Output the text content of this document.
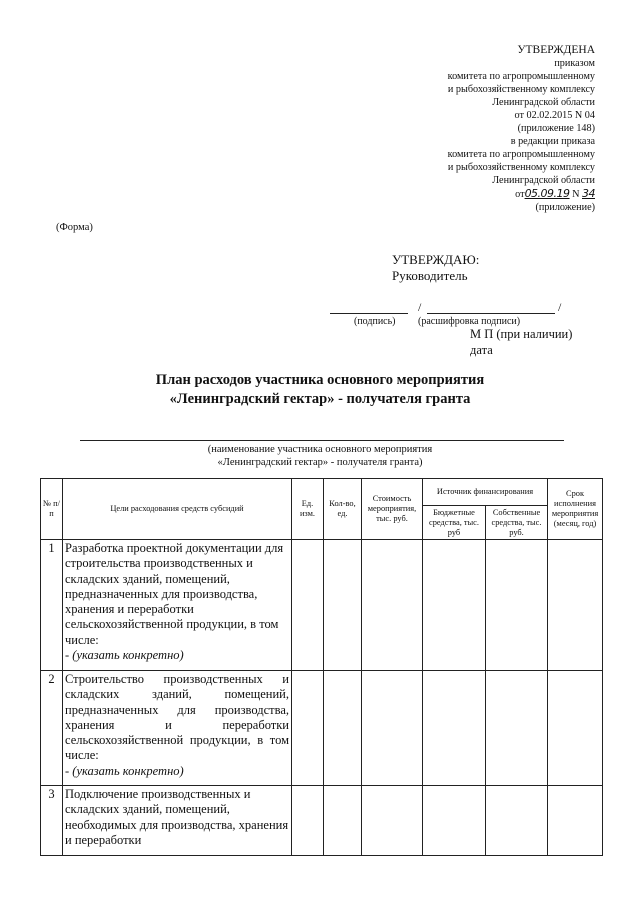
УТВЕРЖДЕНА
приказом
комитета по агропромышленному
и рыбохозяйственному комплексу
Ленинградской области
от 02.02.2015 N 04
(приложение 148)
в редакции приказа
комитета по агропромышленному
и рыбохозяйственному комплексу
Ленинградской области
от05.09.19 N 34
(приложение)
(Форма)
УТВЕРЖДАЮ:
Руководитель
/	/
(подпись) (расшифровка подписи)
М П (при наличии)
дата
План расходов участника основного мероприятия
«Ленинградский гектар» - получателя гранта
(наименование участника основного мероприятия
«Ленинградский гектар» - получателя гранта)
№ п/п	Цели расходования средств субсидий	Ед. изм.	Кол-во, ед.	Стоимость мероприятия, тыс. руб.	Источник финансирования		Срок исполнения мероприятия (месяц, год)
					Бюджетные средства, тыс. руб	Собственные средства, тыс. руб.	
1	Разработка проектной документации для строительства производственных и складских зданий, помещений, предназначенных для производства, хранения и переработки сельскохозяйственной продукции, в том числе:
- (указать конкретно)						

2	Строительство производственных и складских зданий, помещений, предназначенных для производства, хранения и переработки сельскохозяйственной продукции, в том числе:
- (указать конкретно)						

3	Подключение производственных и складских зданий, помещений, необходимых для производства, хранения и переработки						
